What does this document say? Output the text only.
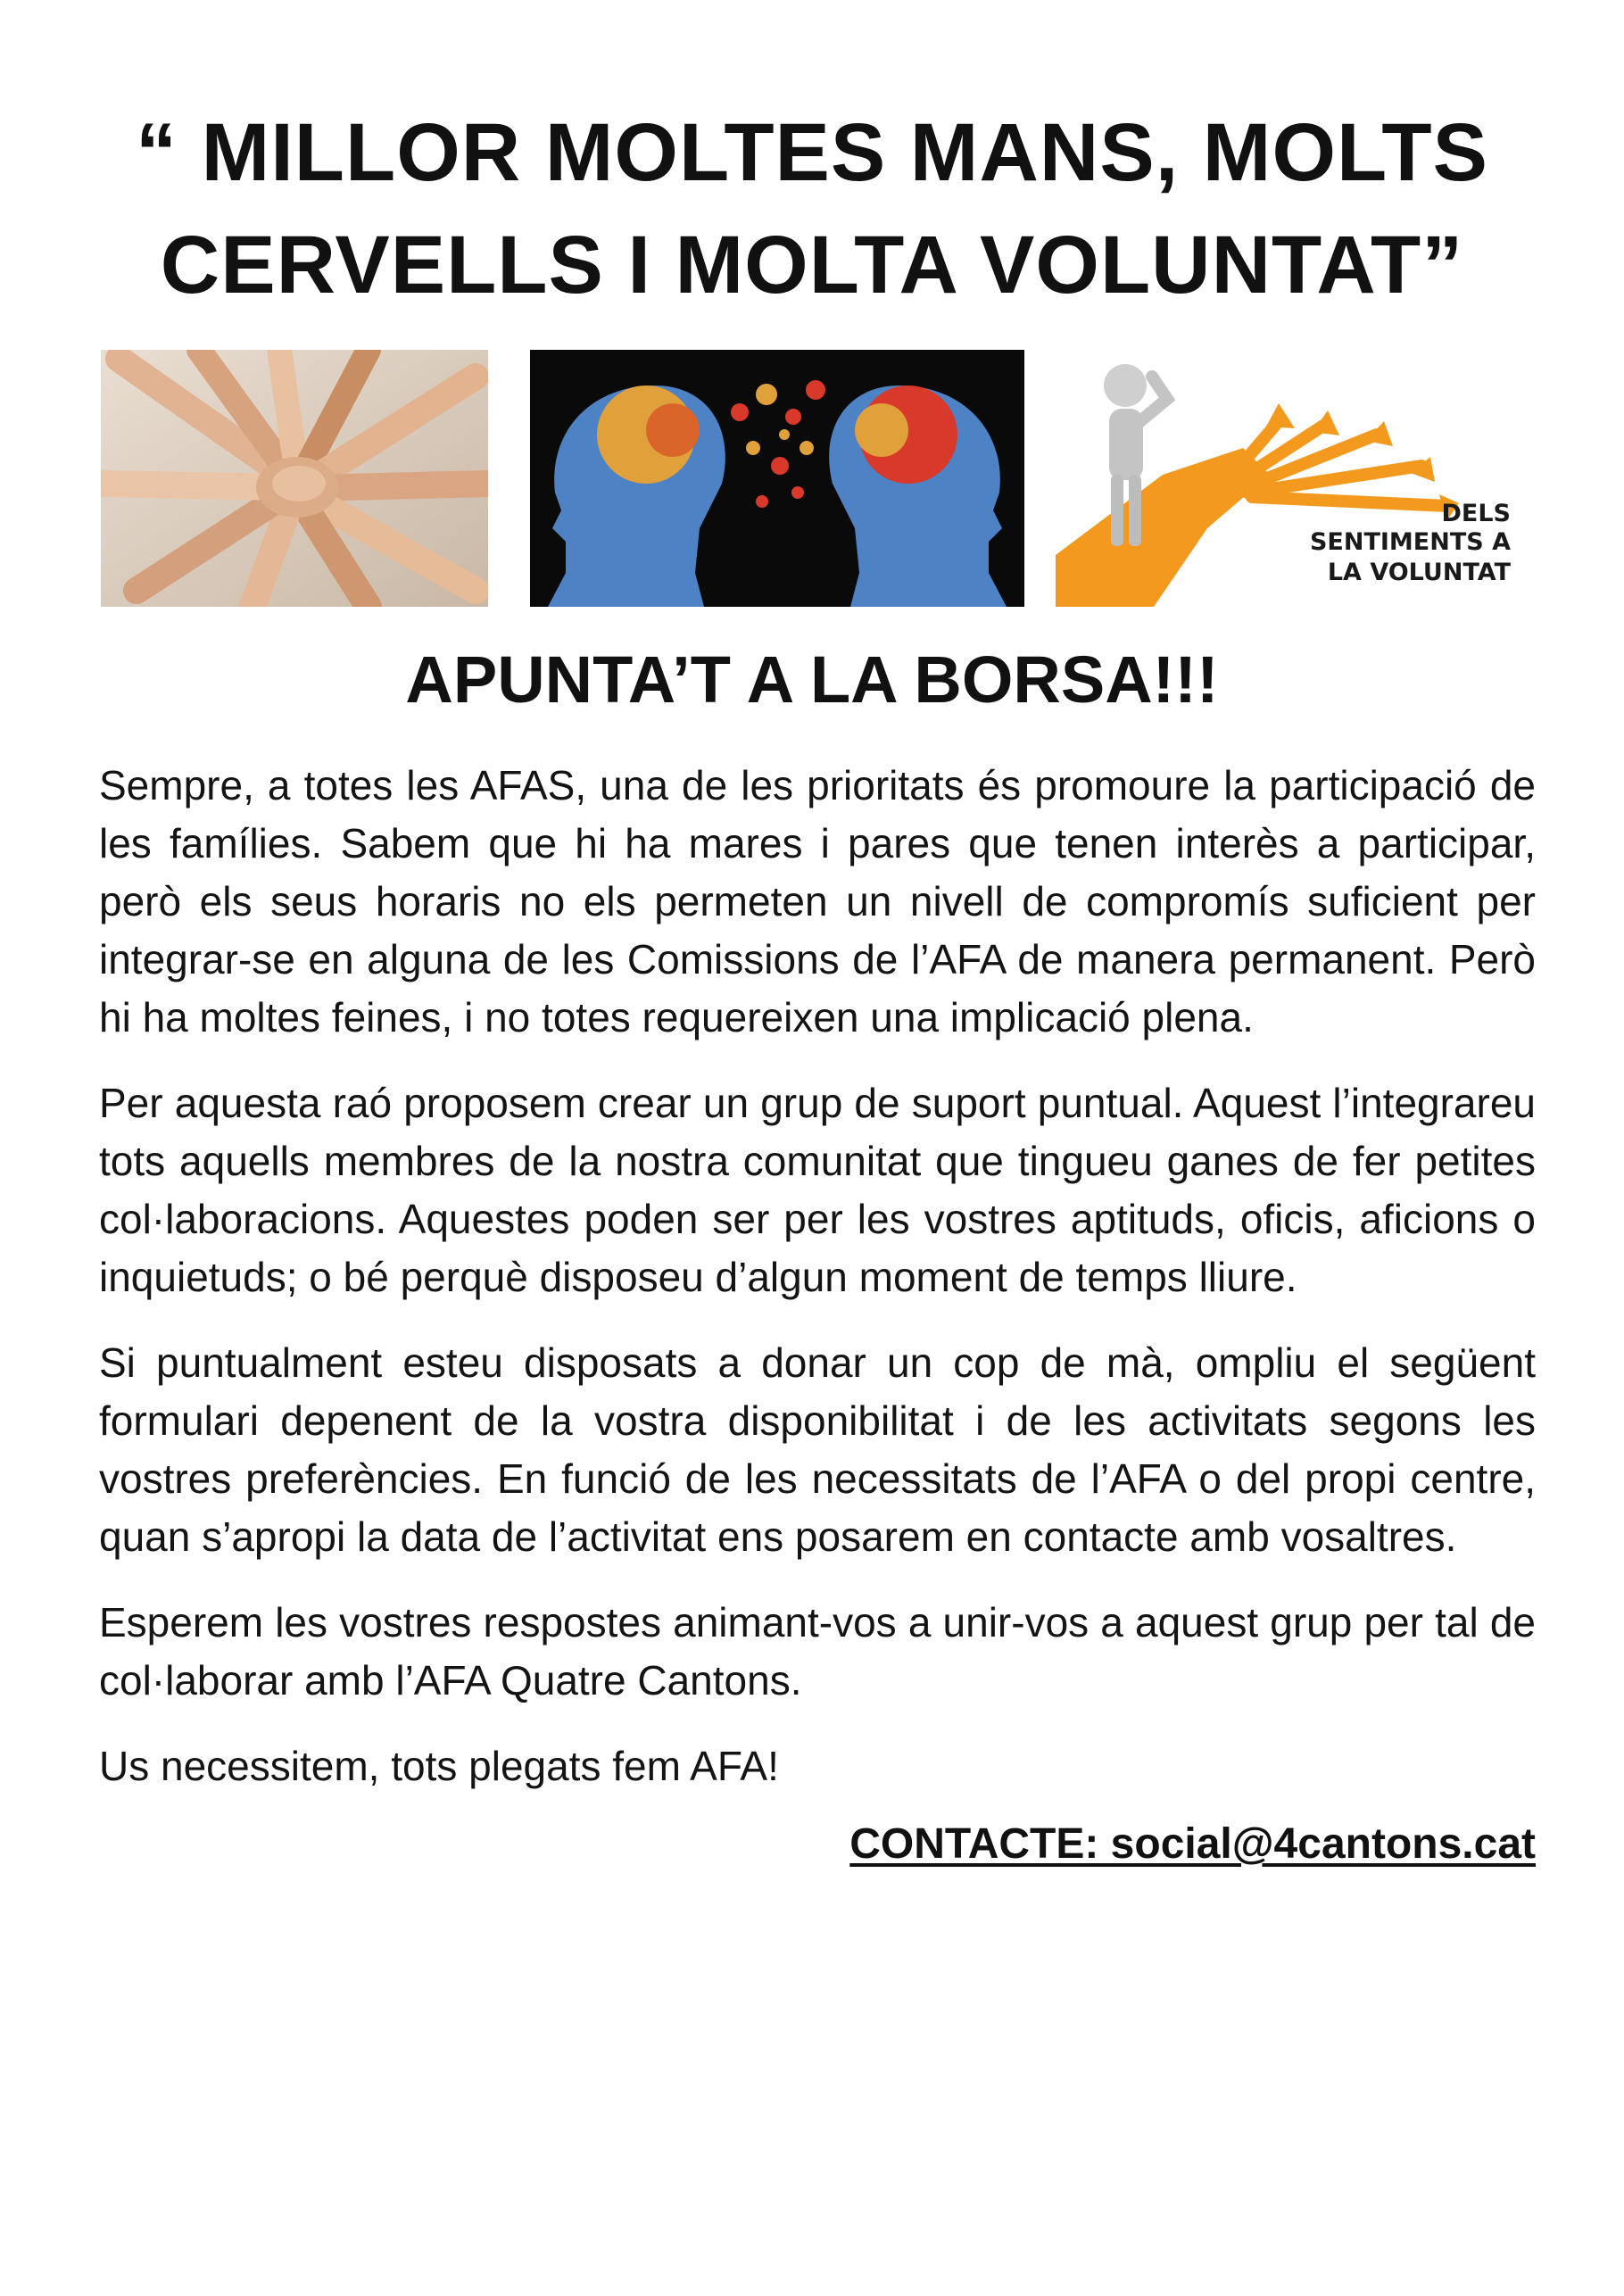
“ MILLOR MOLTES MANS, MOLTS
CERVELLS I MOLTA VOLUNTAT”
DELS
SENTIMENTS A
LA VOLUNTAT
APUNTA’T A LA BORSA!!!

Sempre, a totes les AFAS, una de les prioritats és promoure la participació de les famílies. Sabem que hi ha mares i pares que tenen interès a participar, però els seus horaris no els permeten un nivell de compromís suficient per integrar-se en alguna de les Comissions de l’AFA de manera permanent. Però hi ha moltes feines, i no totes requereixen una implicació plena.

Per aquesta raó proposem crear un grup de suport puntual. Aquest l’integrareu tots aquells membres de la nostra comunitat que tingueu ganes de fer petites col·laboracions. Aquestes poden ser per les vostres aptituds, oficis, aficions o inquietuds; o bé perquè disposeu d’algun moment de temps lliure.

Si puntualment esteu disposats a donar un cop de mà, ompliu el següent formulari depenent de la vostra disponibilitat i de les activitats segons les vostres preferències. En funció de les necessitats de l’AFA o del propi centre, quan s’apropi la data de l’activitat ens posarem en contacte amb vosaltres.

Esperem les vostres respostes animant-vos a unir-vos a aquest grup per tal de col·laborar amb l’AFA Quatre Cantons.

Us necessitem, tots plegats fem AFA!

CONTACTE: social@4cantons.cat
